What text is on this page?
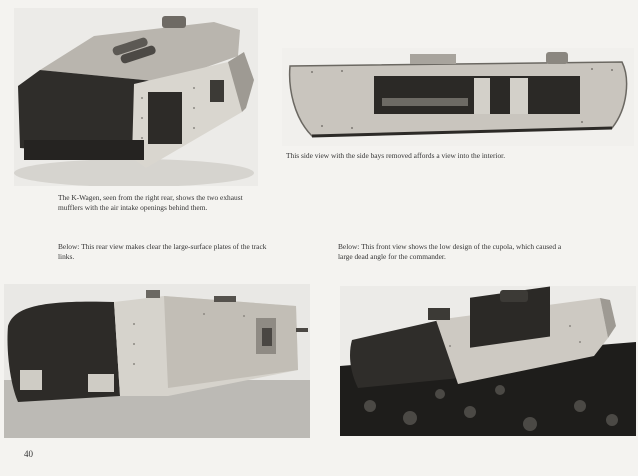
The K-Wagen, seen from the right rear, shows the two exhaust mufflers with the air intake openings behind them.
This side view with the side bays removed affords a view into the interior.
Below: This rear view makes clear the large-surface plates of the track links.
Below: This front view shows the low design of the cupola, which caused a large dead angle for the commander.
40
